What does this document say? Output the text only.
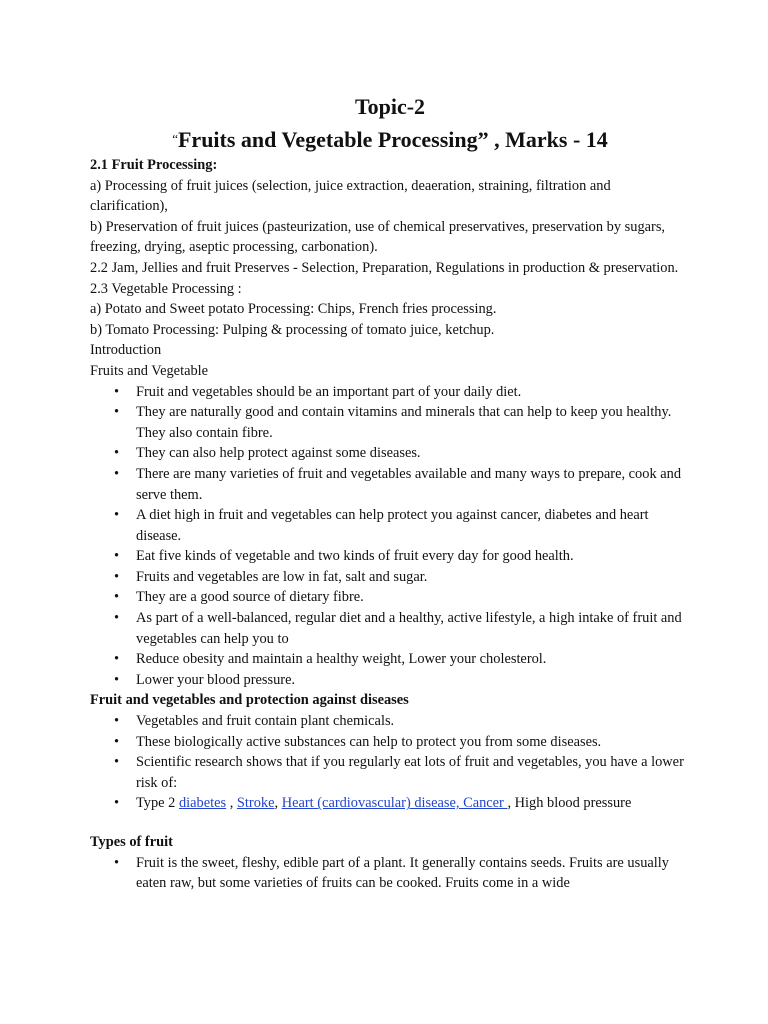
Topic-2

“Fruits and Vegetable Processing” , Marks - 14

2.1 Fruit Processing:

a) Processing of fruit juices (selection, juice extraction, deaeration, straining, filtration and clarification),

b) Preservation of fruit juices (pasteurization, use of chemical preservatives, preservation by sugars, freezing, drying, aseptic processing, carbonation).

2.2 Jam, Jellies and fruit Preserves - Selection, Preparation, Regulations in production & preservation.

2.3 Vegetable Processing :

a) Potato and Sweet potato Processing: Chips, French fries processing.

b) Tomato Processing: Pulping & processing of tomato juice, ketchup.

Introduction

Fruits and Vegetable

• Fruit and vegetables should be an important part of your daily diet.
• They are naturally good and contain vitamins and minerals that can help to keep you healthy. They also contain fibre.
• They can also help protect against some diseases.
• There are many varieties of fruit and vegetables available and many ways to prepare, cook and serve them.
• A diet high in fruit and vegetables can help protect you against cancer, diabetes and heart disease.
• Eat five kinds of vegetable and two kinds of fruit every day for good health.
• Fruits and vegetables are low in fat, salt and sugar.
• They are a good source of dietary fibre.
• As part of a well-balanced, regular diet and a healthy, active lifestyle, a high intake of fruit and vegetables can help you to
• Reduce obesity and maintain a healthy weight, Lower your cholesterol.
• Lower your blood pressure.

Fruit and vegetables and protection against diseases

• Vegetables and fruit contain plant chemicals.
• These biologically active substances can help to protect you from some diseases.
• Scientific research shows that if you regularly eat lots of fruit and vegetables, you have a lower risk of:
• Type 2 diabetes , Stroke, Heart (cardiovascular) disease, Cancer , High blood pressure

Types of fruit

• Fruit is the sweet, fleshy, edible part of a plant. It generally contains seeds. Fruits are usually eaten raw, but some varieties of fruits can be cooked. Fruits come in a wide
